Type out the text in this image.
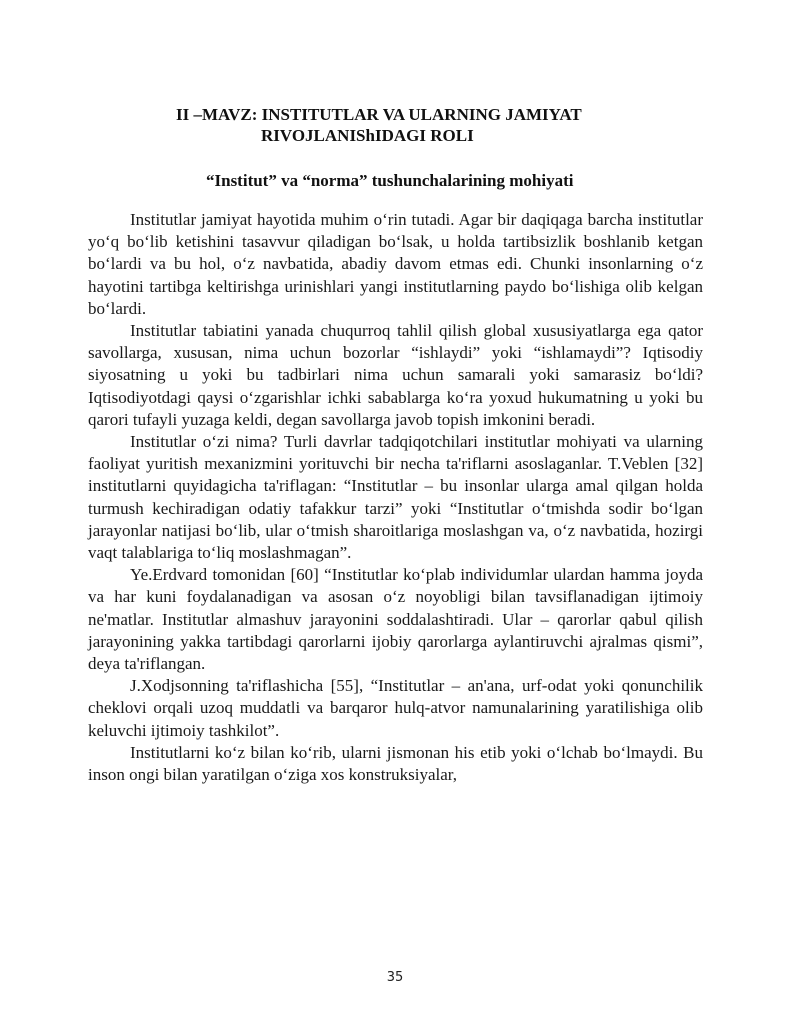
II –MAVZ: INSTITUTLAR VA ULARNING JAMIYAT
RIVOJLANIShIDAGI ROLI
“Institut” va “norma” tushunchalarining mohiyati

Institutlar jamiyat hayotida muhim oʻrin tutadi. Agar bir daqiqaga barcha institutlar yoʻq boʻlib ketishini tasavvur qiladigan boʻlsak, u holda tartibsizlik boshlanib ketgan boʻlardi va bu hol, oʻz navbatida, abadiy davom etmas edi. Chunki insonlarning oʻz hayotini tartibga keltirishga urinishlari yangi institutlarning paydo boʻlishiga olib kelgan boʻlardi.

Institutlar tabiatini yanada chuqurroq tahlil qilish global xususiyatlarga ega qator savollarga, xususan, nima uchun bozorlar “ishlaydi” yoki “ishlamaydi”? Iqtisodiy siyosatning u yoki bu tadbirlari nima uchun samarali yoki samarasiz boʻldi? Iqtisodiyotdagi qaysi oʻzgarishlar ichki sabablarga koʻra yoxud hukumatning u yoki bu qarori tufayli yuzaga keldi, degan savollarga javob topish imkonini beradi.

Institutlar oʻzi nima? Turli davrlar tadqiqotchilari institutlar mohiyati va ularning faoliyat yuritish mexanizmini yorituvchi bir necha ta'riflarni asoslaganlar. T.Veblen [32] institutlarni quyidagicha ta'riflagan: “Institutlar – bu insonlar ularga amal qilgan holda turmush kechiradigan odatiy tafakkur tarzi” yoki “Institutlar oʻtmishda sodir boʻlgan jarayonlar natijasi boʻlib, ular oʻtmish sharoitlariga moslashgan va, oʻz navbatida, hozirgi vaqt talablariga toʻliq moslashmagan”.

Ye.Erdvard tomonidan [60] “Institutlar koʻplab individumlar ulardan hamma joyda va har kuni foydalanadigan va asosan oʻz noyobligi bilan tavsiflanadigan ijtimoiy ne'matlar. Institutlar almashuv jarayonini soddalashtiradi. Ular – qarorlar qabul qilish jarayonining yakka tartibdagi qarorlarni ijobiy qarorlarga aylantiruvchi ajralmas qismi”, deya ta'riflangan.

J.Xodjsonning ta'riflashicha [55], “Institutlar – an'ana, urf-odat yoki qonunchilik cheklovi orqali uzoq muddatli va barqaror hulq-atvor namunalarining yaratilishiga olib keluvchi ijtimoiy tashkilot”.

Institutlarni koʻz bilan koʻrib, ularni jismonan his etib yoki oʻlchab boʻlmaydi. Bu inson ongi bilan yaratilgan oʻziga xos konstruksiyalar,

35
